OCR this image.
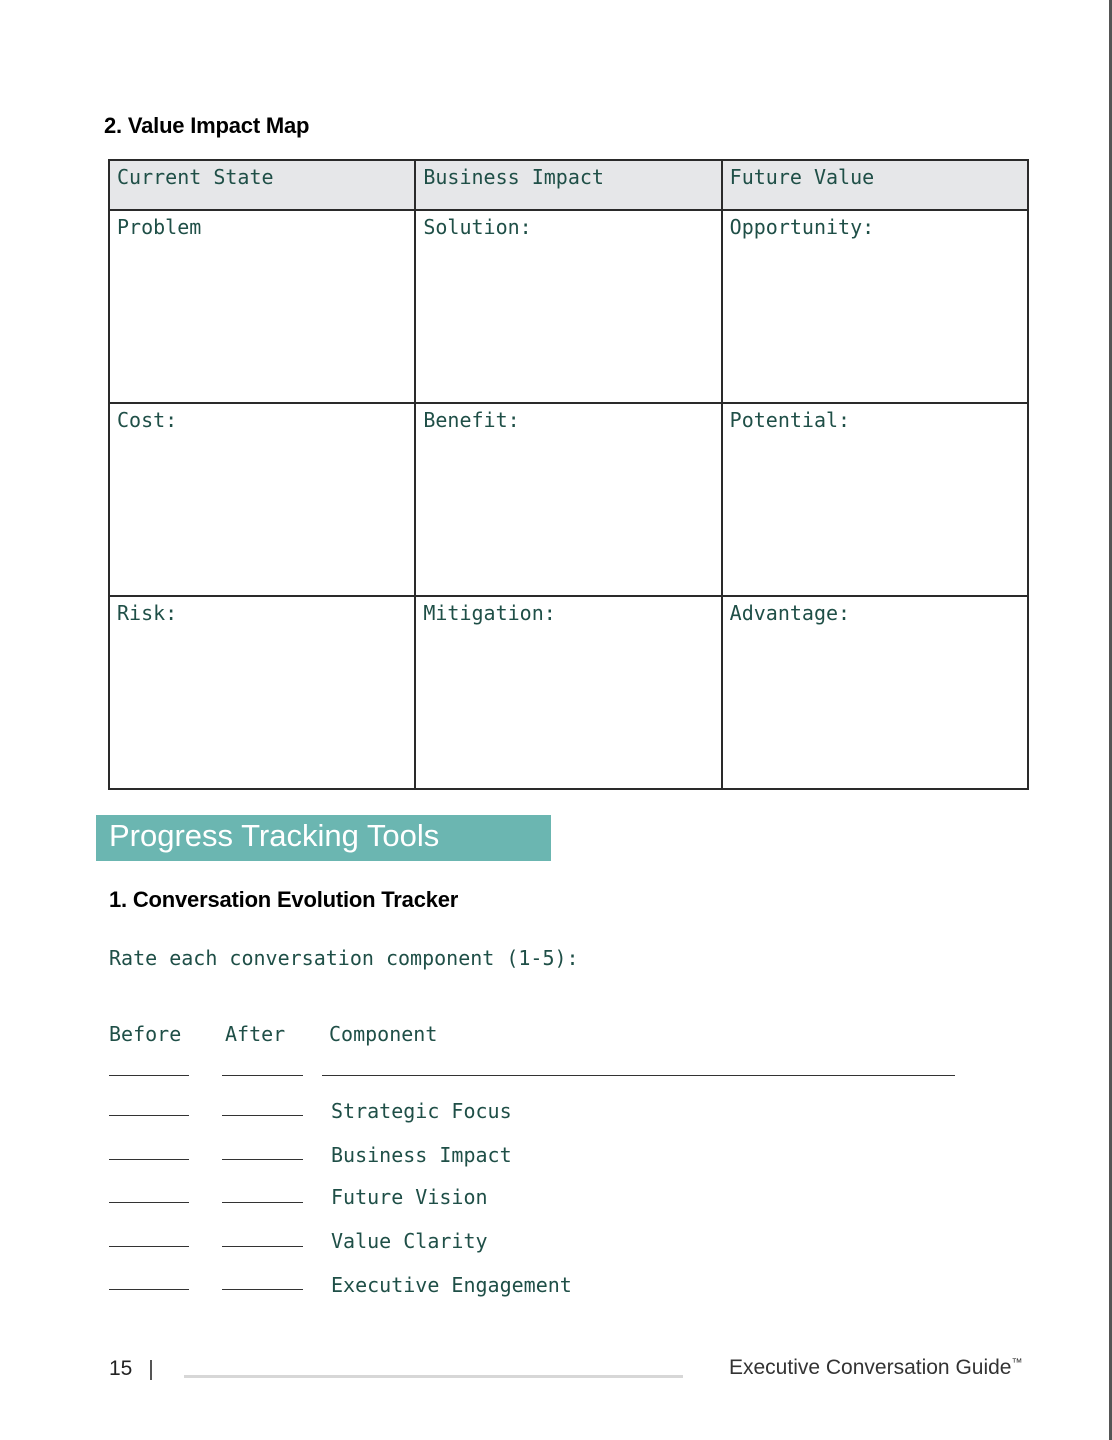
2. Value Impact Map
Current State	Business Impact	Future Value
Problem	Solution:	Opportunity:
Cost:	Benefit:	Potential:
Risk:	Mitigation:	Advantage:
Progress Tracking Tools
1. Conversation Evolution Tracker
Rate each conversation component (1-5):
Before After Component
Strategic Focus
Business Impact
Future Vision
Value Clarity
Executive Engagement
15	Executive Conversation Guide™
